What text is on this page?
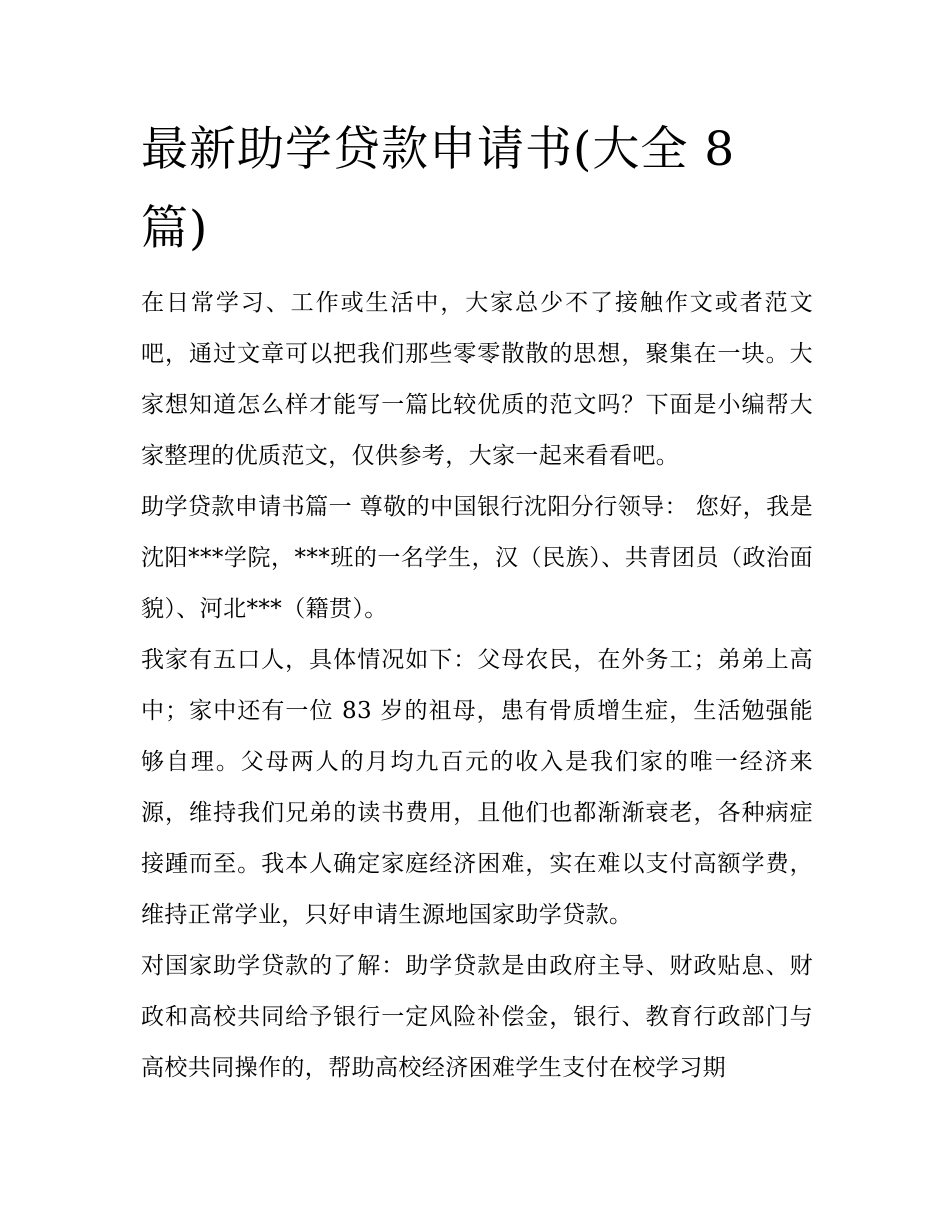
最新助学贷款申请书(大全 8 篇)

在日常学习、工作或生活中，大家总少不了接触作文或者范文吧，通过文章可以把我们那些零零散散的思想，聚集在一块。大家想知道怎么样才能写一篇比较优质的范文吗？下面是小编帮大家整理的优质范文，仅供参考，大家一起来看看吧。

助学贷款申请书篇一 尊敬的中国银行沈阳分行领导： 您好，我是沈阳***学院，***班的一名学生，汉（民族）、共青团员（政治面貌）、河北***（籍贯）。

我家有五口人，具体情况如下：父母农民，在外务工；弟弟上高中；家中还有一位 83 岁的祖母，患有骨质增生症，生活勉强能够自理。父母两人的月均九百元的收入是我们家的唯一经济来源，维持我们兄弟的读书费用，且他们也都渐渐衰老，各种病症接踵而至。我本人确定家庭经济困难，实在难以支付高额学费，维持正常学业，只好申请生源地国家助学贷款。

对国家助学贷款的了解：助学贷款是由政府主导、财政贴息、财政和高校共同给予银行一定风险补偿金，银行、教育行政部门与高校共同操作的，帮助高校经济困难学生支付在校学习期
